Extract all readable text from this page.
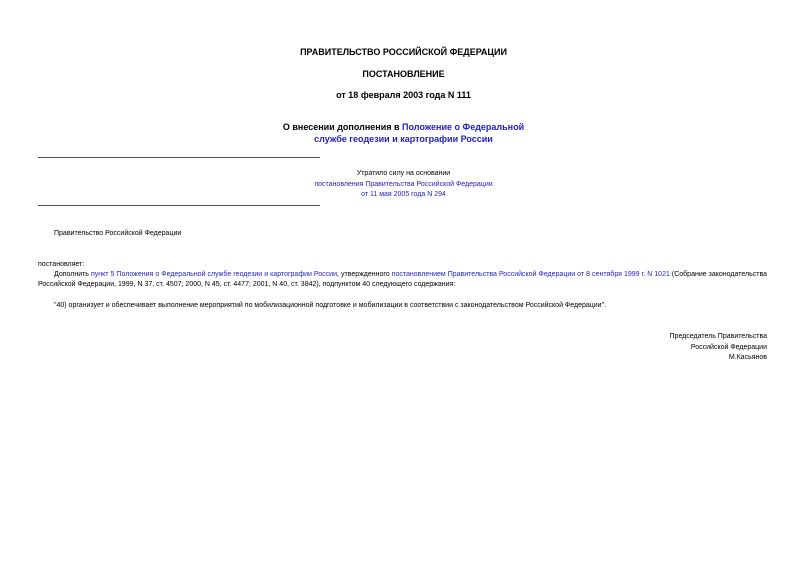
ПРАВИТЕЛЬСТВО РОССИЙСКОЙ ФЕДЕРАЦИИ
ПОСТАНОВЛЕНИЕ
от 18 февраля 2003 года N 111
О внесении дополнения в Положение о Федеральной
службе геодезии и картографии России
Утратило силу на основании
постановления Правительства Российской Федерации
от 11 мая 2005 года N 294
Правительство Российской Федерации
постановляет:
Дополнить пункт 5 Положения о Федеральной службе геодезии и картографии России, утвержденного постановлением Правительства Российской Федерации от 8 сентября 1999 г. N 1021 (Собрание законодательства Российской Федерации, 1999, N 37, ст. 4507; 2000, N 45, ст. 4477; 2001, N 40, ст. 3842), подпунктом 40 следующего содержания:
"40) организует и обеспечивает выполнение мероприятий по мобилизационной подготовке и мобилизации в соответствии с законодательством Российской Федерации".
Председатель Правительства
Российской Федерации
М.Касьянов
